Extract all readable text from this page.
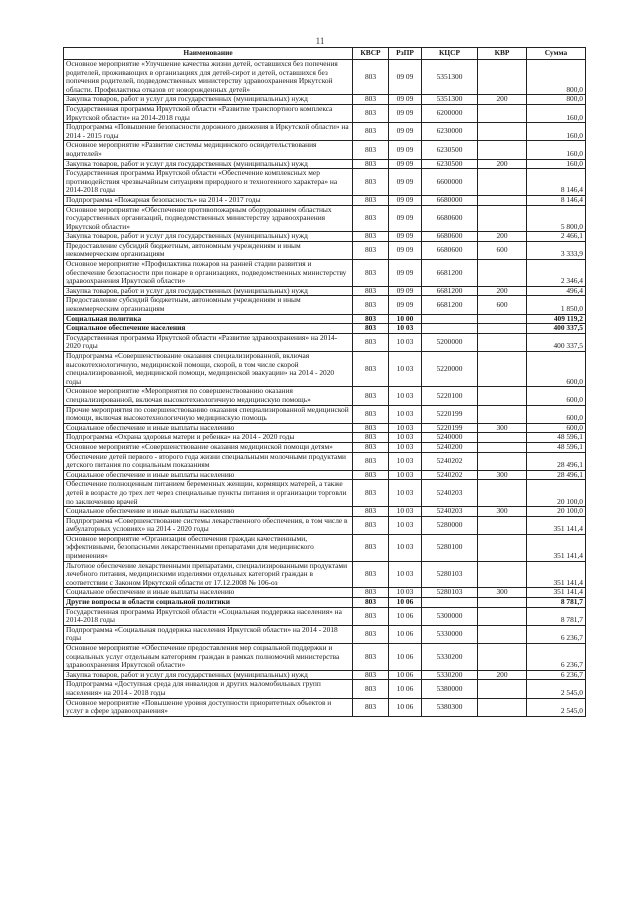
11
Наименование	КВСР	РзПР	КЦСР	КВР	Сумма
Основное мероприятие «Улучшение качества жизни детей, оставшихся без попечения родителей, проживающих в организациях для детей-сирот и детей, оставшихся без попечения родителей, подведомственных министерству здравоохранения Иркутской области. Профилактика отказов от новорожденных детей»	803	09 09	5351300		800,0
Закупка товаров, работ и услуг для государственных (муниципальных) нужд	803	09 09	5351300	200	800,0
Государственная программа Иркутской области «Развитие транспортного комплекса Иркутской области» на 2014-2018 годы	803	09 09	6200000		160,0
Подпрограмма «Повышение безопасности дорожного движения в Иркутской области» на 2014 - 2015 годы	803	09 09	6230000		160,0
Основное мероприятие «Развитие системы медицинского освидетельствования водителей»	803	09 09	6230500		160,0
Закупка товаров, работ и услуг для государственных (муниципальных) нужд	803	09 09	6230500	200	160,0
Государственная программа Иркутской области «Обеспечение комплексных мер противодействия чрезвычайным ситуациям природного и техногенного характера» на 2014-2018 годы	803	09 09	6600000		8 146,4
Подпрограмма «Пожарная безопасность» на 2014 - 2017 годы	803	09 09	6680000		8 146,4
Основное мероприятие «Обеспечение противопожарным оборудованием областных государственных организаций, подведомственных министерству здравоохранения Иркутской области»	803	09 09	6680600		5 800,0
Закупка товаров, работ и услуг для государственных (муниципальных) нужд	803	09 09	6680600	200	2 466,1
Предоставление субсидий бюджетным, автономным учреждениям и иным некоммерческим организациям	803	09 09	6680600	600	3 333,9
Основное мероприятие «Профилактика пожаров на ранней стадии развития и обеспечение безопасности при пожаре в организациях, подведомственных министерству здравоохранения Иркутской области»	803	09 09	6681200		2 346,4
Закупка товаров, работ и услуг для государственных (муниципальных) нужд	803	09 09	6681200	200	496,4
Предоставление субсидий бюджетным, автономным учреждениям и иным некоммерческим организациям	803	09 09	6681200	600	1 850,0
Социальная политика	803	10 00			409 119,2
Социальное обеспечение населения	803	10 03			400 337,5
Государственная программа Иркутской области «Развитие здравоохранения» на 2014-2020 годы	803	10 03	5200000		400 337,5
Подпрограмма «Совершенствование оказания специализированной, включая высокотехнологичную, медицинской помощи, скорой, в том числе скорой специализированной, медицинской помощи, медицинской эвакуации» на 2014 - 2020 годы	803	10 03	5220000		600,0
Основное мероприятие «Мероприятия по совершенствованию оказания специализированной, включая высокотехнологичную медицинскую помощь»	803	10 03	5220100		600,0
Прочие мероприятия по совершенствованию оказания специализированной медицинской помощи, включая высокотехнологичную медицинскую помощь	803	10 03	5220199		600,0
Социальное обеспечение и иные выплаты населению	803	10 03	5220199	300	600,0
Подпрограмма «Охрана здоровья матери и ребенка» на 2014 - 2020 годы	803	10 03	5240000		48 596,1
Основное мероприятие «Совершенствование оказания медицинской помощи детям»	803	10 03	5240200		48 596,1
Обеспечение детей первого - второго года жизни специальными молочными продуктами детского питания по социальным показаниям	803	10 03	5240202		28 496,1
Социальное обеспечение и иные выплаты населению	803	10 03	5240202	300	28 496,1
Обеспечение полноценным питанием беременных женщин, кормящих матерей, а также детей в возрасте до трех лет через специальные пункты питания и организации торговли по заключению врачей	803	10 03	5240203		20 100,0
Социальное обеспечение и иные выплаты населению	803	10 03	5240203	300	20 100,0
Подпрограмма «Совершенствование системы лекарственного обеспечения, в том числе в амбулаторных условиях» на 2014 - 2020 годы	803	10 03	5280000		351 141,4
Основное мероприятие «Организация обеспечения граждан качественными, эффективными, безопасными лекарственными препаратами для медицинского применения»	803	10 03	5280100		351 141,4
Льготное обеспечение лекарственными препаратами, специализированными продуктами лечебного питания, медицинскими изделиями отдельных категорий граждан в соответствии с Законом Иркутской области от 17.12.2008 № 106-оз	803	10 03	5280103		351 141,4
Социальное обеспечение и иные выплаты населению	803	10 03	5280103	300	351 141,4
Другие вопросы в области социальной политики	803	10 06			8 781,7
Государственная программа Иркутской области «Социальная поддержка населения» на 2014-2018 годы	803	10 06	5300000		8 781,7
Подпрограмма «Социальная поддержка населения Иркутской области» на 2014 - 2018 годы	803	10 06	5330000		6 236,7
Основное мероприятие «Обеспечение предоставления мер социальной поддержки и социальных услуг отдельным категориям граждан в рамках полномочий министерства здравоохранения Иркутской области»	803	10 06	5330200		6 236,7
Закупка товаров, работ и услуг для государственных (муниципальных) нужд	803	10 06	5330200	200	6 236,7
Подпрограмма «Доступная среда для инвалидов и других маломобильных групп населения» на 2014 - 2018 годы	803	10 06	5380000		2 545,0
Основное мероприятие «Повышение уровня доступности приоритетных объектов и услуг в сфере здравоохранения»	803	10 06	5380300		2 545,0
